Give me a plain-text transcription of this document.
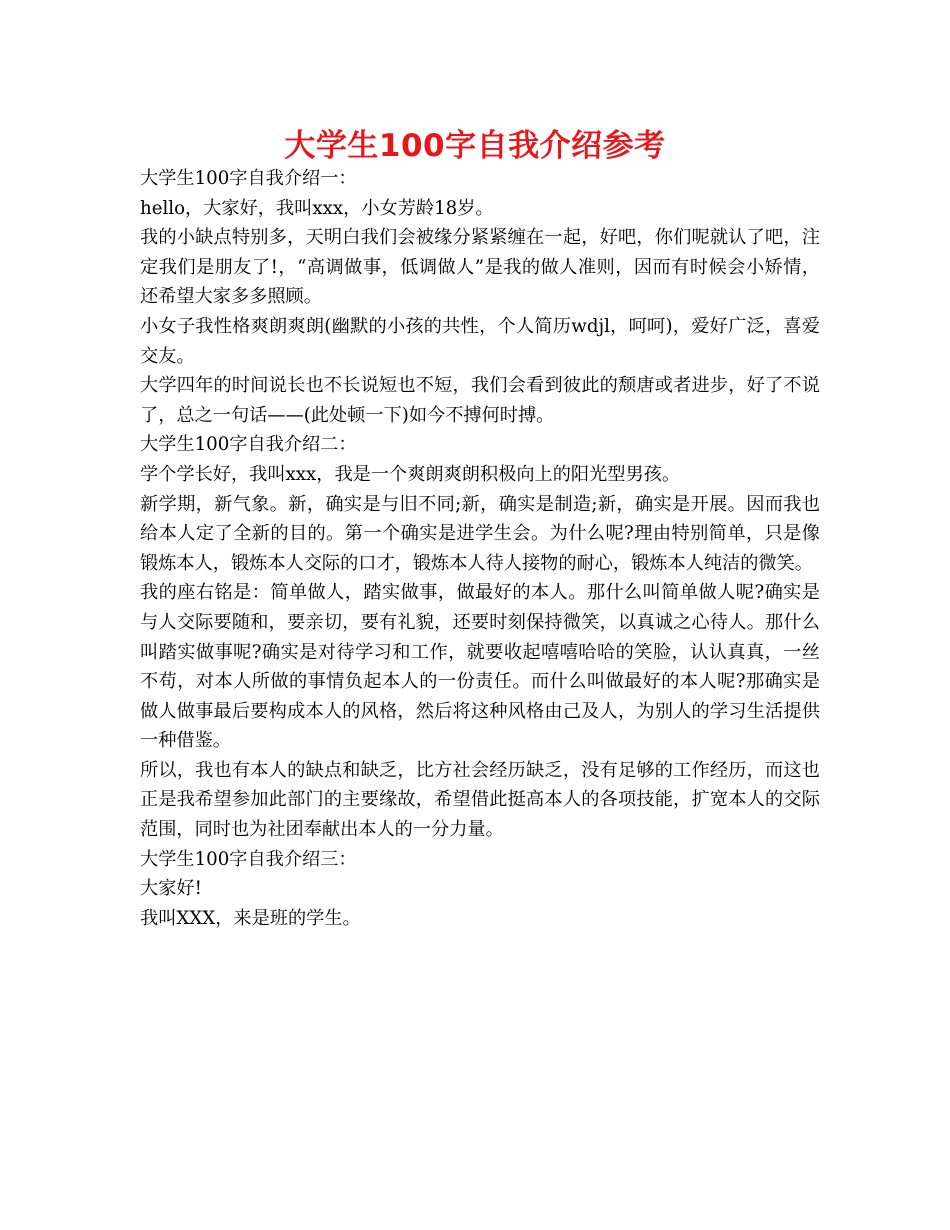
大学生100字自我介绍参考

大学生100字自我介绍一：

hello，大家好，我叫xxx，小女芳龄18岁。

我的小缺点特别多，天明白我们会被缘分紧紧缠在一起，好吧，你们呢就认了吧，注定我们是朋友了!，“高调做事，低调做人”是我的做人准则，因而有时候会小矫情，还希望大家多多照顾。

小女子我性格爽朗爽朗(幽默的小孩的共性，个人简历wdjl，呵呵)，爱好广泛，喜爱交友。

大学四年的时间说长也不长说短也不短，我们会看到彼此的颓唐或者进步，好了不说了，总之一句话——(此处顿一下)如今不搏何时搏。

大学生100字自我介绍二：

学个学长好，我叫xxx，我是一个爽朗爽朗积极向上的阳光型男孩。

新学期，新气象。新，确实是与旧不同;新，确实是制造;新，确实是开展。因而我也给本人定了全新的目的。第一个确实是进学生会。为什么呢?理由特别简单，只是像锻炼本人，锻炼本人交际的口才，锻炼本人待人接物的耐心，锻炼本人纯洁的微笑。

我的座右铭是：简单做人，踏实做事，做最好的本人。那什么叫简单做人呢?确实是与人交际要随和，要亲切，要有礼貌，还要时刻保持微笑，以真诚之心待人。那什么叫踏实做事呢?确实是对待学习和工作，就要收起嘻嘻哈哈的笑脸，认认真真，一丝不苟，对本人所做的事情负起本人的一份责任。而什么叫做最好的本人呢?那确实是做人做事最后要构成本人的风格，然后将这种风格由己及人，为别人的学习生活提供一种借鉴。

所以，我也有本人的缺点和缺乏，比方社会经历缺乏，没有足够的工作经历，而这也正是我希望参加此部门的主要缘故，希望借此挺高本人的各项技能，扩宽本人的交际范围，同时也为社团奉献出本人的一分力量。

大学生100字自我介绍三：

大家好!

我叫XXX，来是班的学生。
